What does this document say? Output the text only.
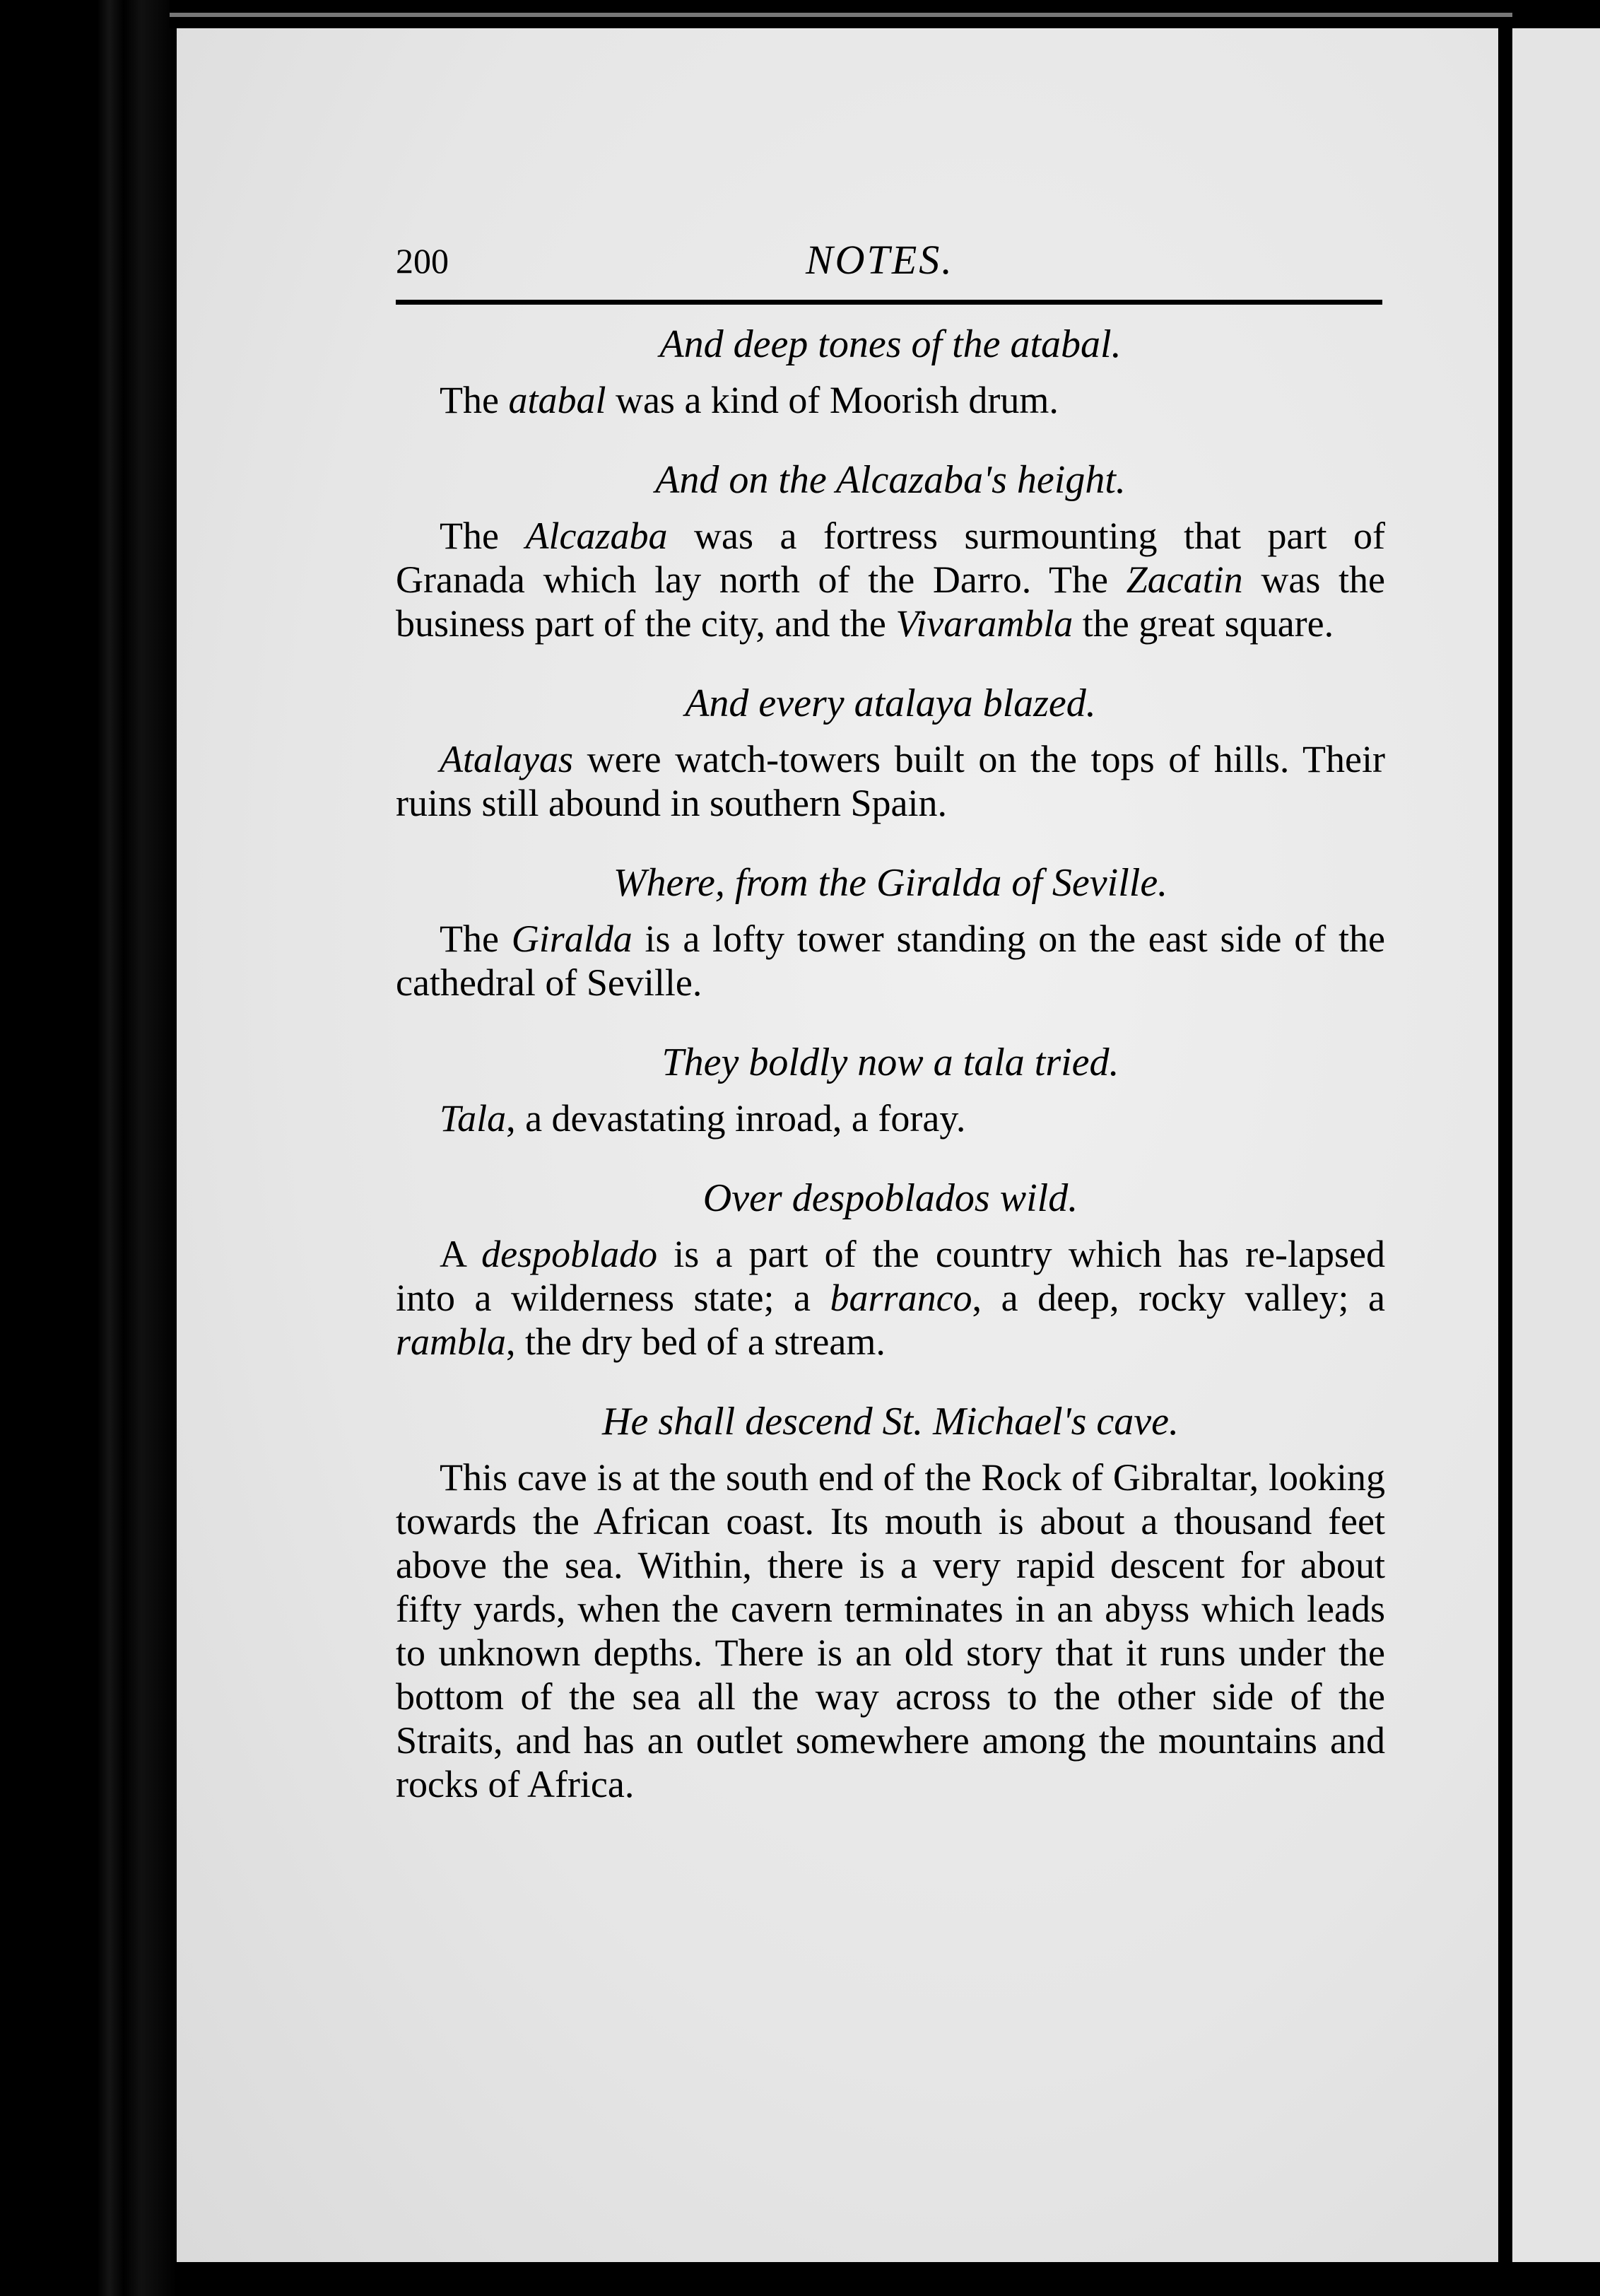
200	NOTES.

And deep tones of the atabal.

The atabal was a kind of Moorish drum.

And on the Alcazaba's height.

The Alcazaba was a fortress surmounting that part of Granada which lay north of the Darro. The Zacatin was the business part of the city, and the Vivarambla the great square.

And every atalaya blazed.

Atalayas were watch-towers built on the tops of hills. Their ruins still abound in southern Spain.

Where, from the Giralda of Seville.

The Giralda is a lofty tower standing on the east side of the cathedral of Seville.

They boldly now a tala tried.

Tala, a devastating inroad, a foray.

Over despoblados wild.

A despoblado is a part of the country which has re-lapsed into a wilderness state; a barranco, a deep, rocky valley; a rambla, the dry bed of a stream.

He shall descend St. Michael's cave.

This cave is at the south end of the Rock of Gibraltar, looking towards the African coast. Its mouth is about a thousand feet above the sea. Within, there is a very rapid descent for about fifty yards, when the cavern terminates in an abyss which leads to unknown depths. There is an old story that it runs under the bottom of the sea all the way across to the other side of the Straits, and has an outlet somewhere among the mountains and rocks of Africa.
